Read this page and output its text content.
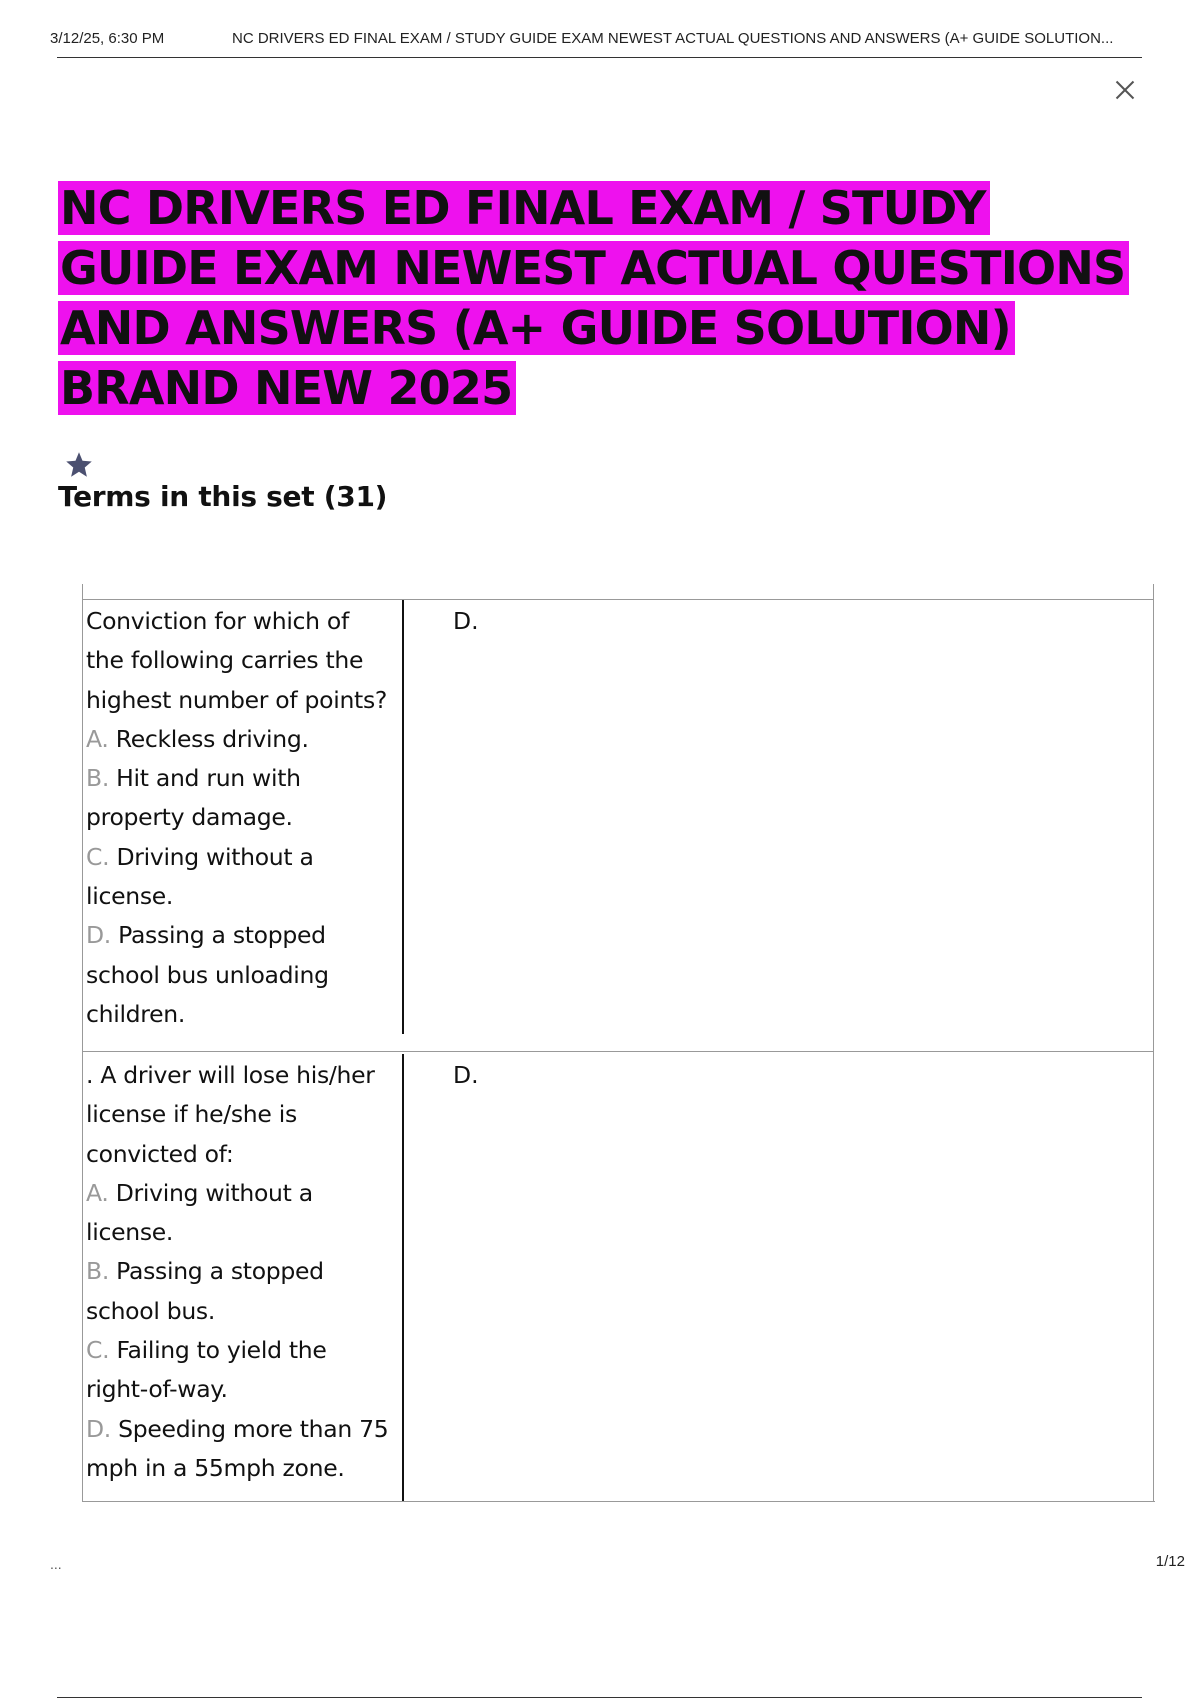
3/12/25, 6:30 PM	NC DRIVERS ED FINAL EXAM / STUDY GUIDE EXAM NEWEST ACTUAL QUESTIONS AND ANSWERS (A+ GUIDE SOLUTION...
NC DRIVERS ED FINAL EXAM / STUDY GUIDE EXAM NEWEST ACTUAL QUESTIONS AND ANSWERS (A+ GUIDE SOLUTION) BRAND NEW 2025
Terms in this set (31)
Conviction for which of the following carries the highest number of points?
A. Reckless driving.
B. Hit and run with property damage.
C. Driving without a license.
D. Passing a stopped school bus unloading children.
D.
. A driver will lose his/her license if he/she is convicted of:
A. Driving without a license.
B. Passing a stopped school bus.
C. Failing to yield the right-of-way.
D. Speeding more than 75 mph in a 55mph zone.
D.
...	1/12
